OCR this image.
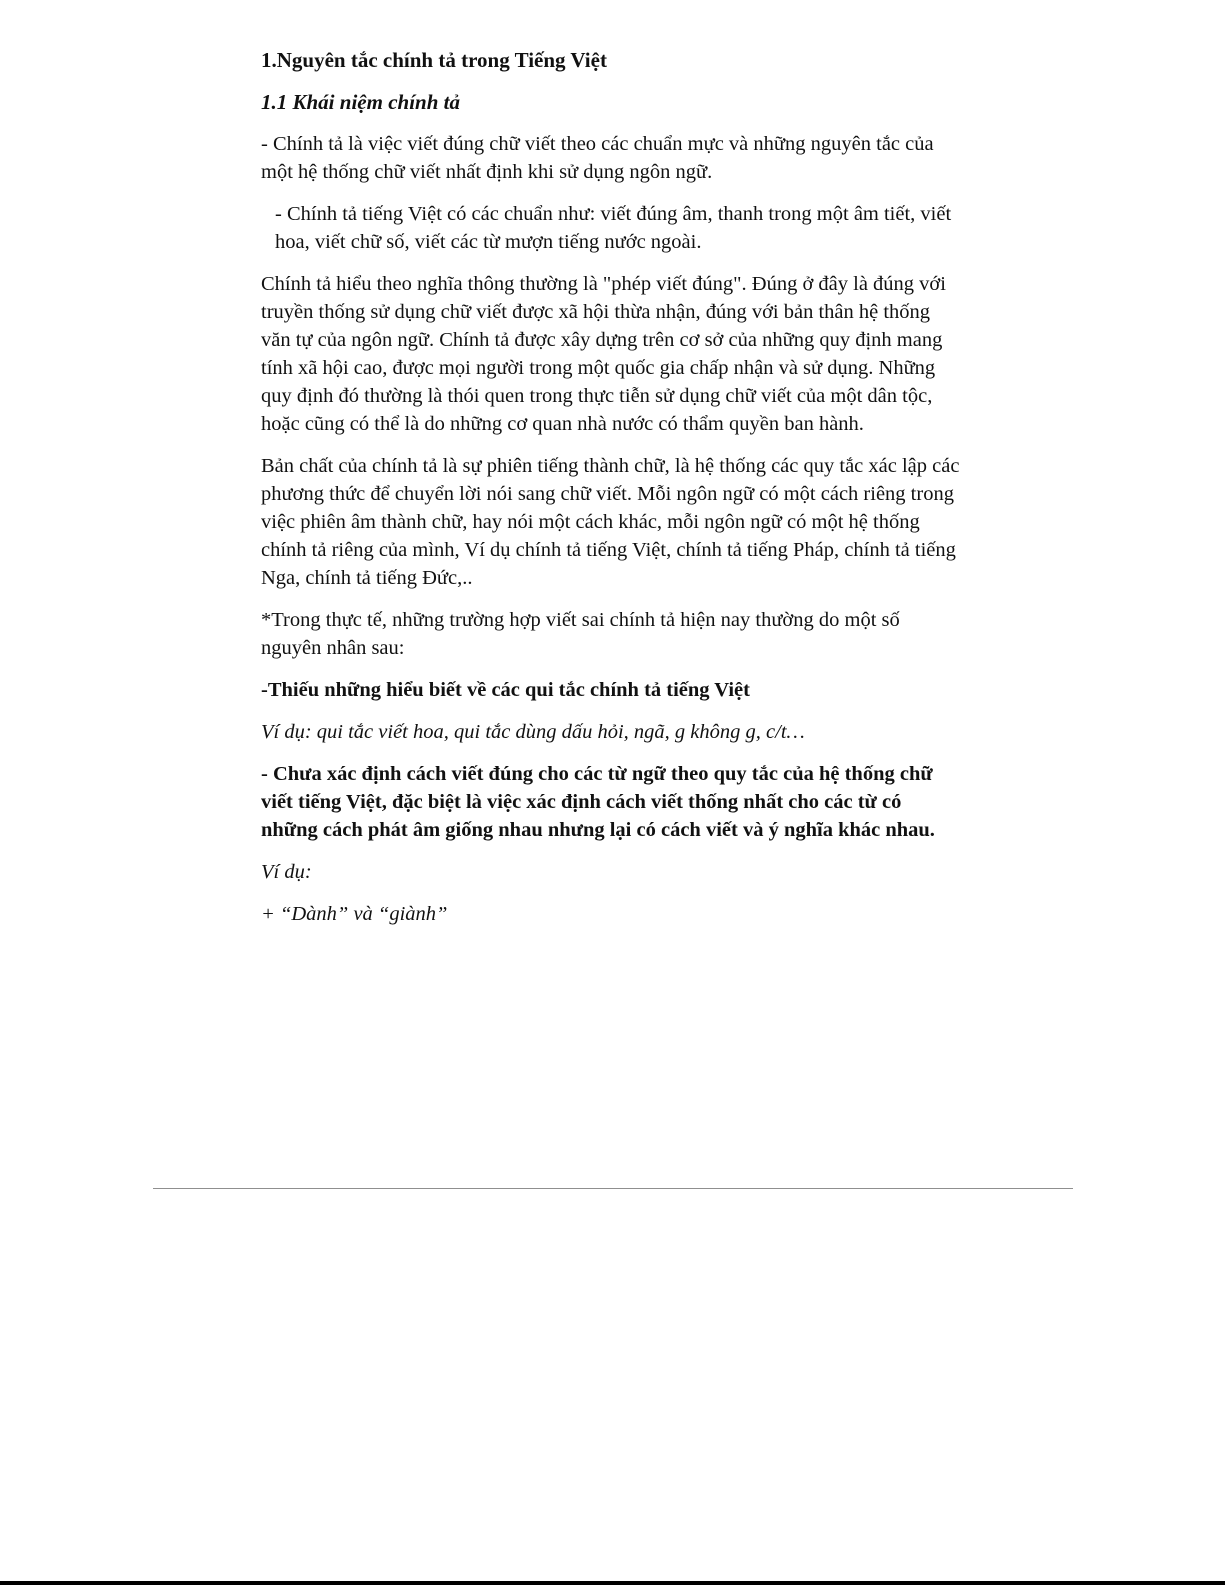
1.Nguyên tắc chính tả trong Tiếng Việt

1.1 Khái niệm chính tả

- Chính tả là việc viết đúng chữ viết theo các chuẩn mực và những nguyên tắc của một hệ thống chữ viết nhất định khi sử dụng ngôn ngữ.

- Chính tả tiếng Việt có các chuẩn như: viết đúng âm, thanh trong một âm tiết, viết hoa, viết chữ số, viết các từ mượn tiếng nước ngoài.

Chính tả hiểu theo nghĩa thông thường là "phép viết đúng". Đúng ở đây là đúng với truyền thống sử dụng chữ viết được xã hội thừa nhận, đúng với bản thân hệ thống văn tự của ngôn ngữ. Chính tả được xây dựng trên cơ sở của những quy định mang tính xã hội cao, được mọi người trong một quốc gia chấp nhận và sử dụng. Những quy định đó thường là thói quen trong thực tiễn sử dụng chữ viết của một dân tộc, hoặc cũng có thể là do những cơ quan nhà nước có thẩm quyền ban hành.

Bản chất của chính tả là sự phiên tiếng thành chữ, là hệ thống các quy tắc xác lập các phương thức để chuyển lời nói sang chữ viết. Mỗi ngôn ngữ có một cách riêng trong việc phiên âm thành chữ, hay nói một cách khác, mỗi ngôn ngữ có một hệ thống chính tả riêng của mình, Ví dụ chính tả tiếng Việt, chính tả tiếng Pháp, chính tả tiếng Nga, chính tả tiếng Đức,..

*Trong thực tế, những trường hợp viết sai chính tả hiện nay thường do một số nguyên nhân sau:

-Thiếu những hiểu biết về các qui tắc chính tả tiếng Việt

Ví dụ: qui tắc viết hoa, qui tắc dùng dấu hỏi, ngã, g không g, c/t…

- Chưa xác định cách viết đúng cho các từ ngữ theo quy tắc của hệ thống chữ viết tiếng Việt, đặc biệt là việc xác định cách viết thống nhất cho các từ có những cách phát âm giống nhau nhưng lại có cách viết và ý nghĩa khác nhau.

Ví dụ:

+ “Dành” và “giành”
